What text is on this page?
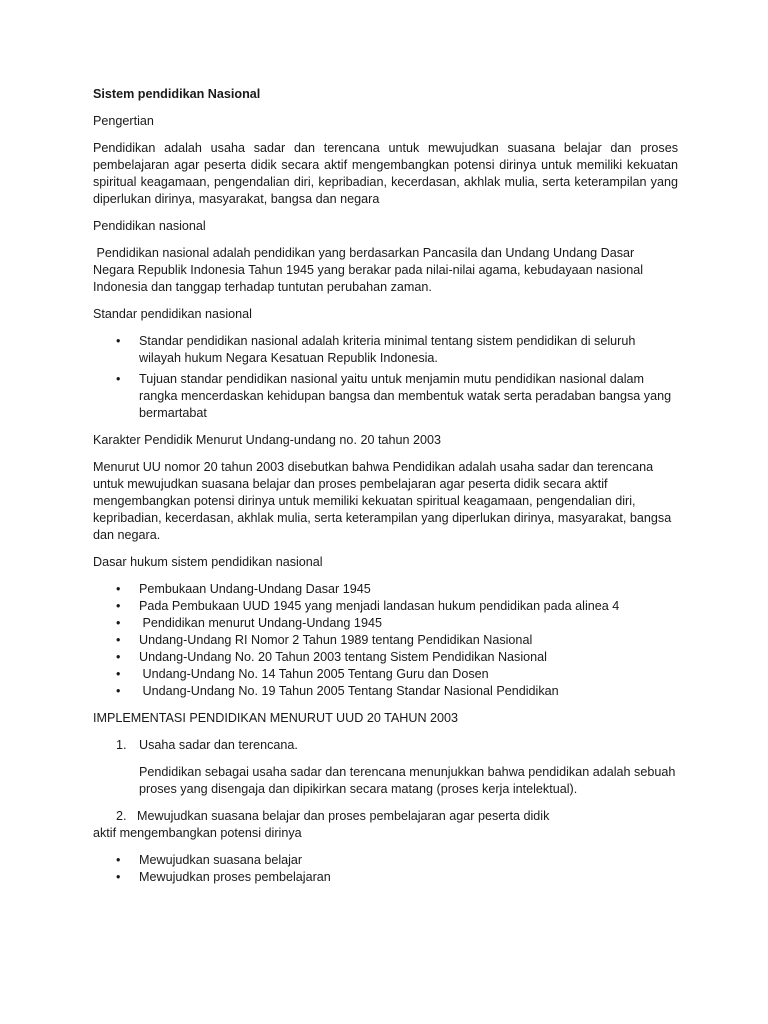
Sistem pendidikan Nasional

Pengertian

Pendidikan adalah usaha sadar dan terencana untuk mewujudkan suasana belajar dan proses pembelajaran agar peserta didik secara aktif mengembangkan potensi dirinya untuk memiliki kekuatan spiritual keagamaan, pengendalian diri, kepribadian, kecerdasan, akhlak mulia, serta keterampilan yang diperlukan dirinya, masyarakat, bangsa dan negara

Pendidikan nasional

Pendidikan nasional adalah pendidikan yang berdasarkan Pancasila dan Undang Undang Dasar Negara Republik Indonesia Tahun 1945 yang berakar pada nilai-nilai agama, kebudayaan nasional Indonesia dan tanggap terhadap tuntutan perubahan zaman.

Standar pendidikan nasional

• Standar pendidikan nasional adalah kriteria minimal tentang sistem pendidikan di seluruh wilayah hukum Negara Kesatuan Republik Indonesia.
• Tujuan standar pendidikan nasional yaitu untuk menjamin mutu pendidikan nasional dalam rangka mencerdaskan kehidupan bangsa dan membentuk watak serta peradaban bangsa yang bermartabat

Karakter Pendidik Menurut Undang-undang no. 20 tahun 2003

Menurut UU nomor 20 tahun 2003 disebutkan bahwa Pendidikan adalah usaha sadar dan terencana untuk mewujudkan suasana belajar dan proses pembelajaran agar peserta didik secara aktif mengembangkan potensi dirinya untuk memiliki kekuatan spiritual keagamaan, pengendalian diri, kepribadian, kecerdasan, akhlak mulia, serta keterampilan yang diperlukan dirinya, masyarakat, bangsa dan negara.

Dasar hukum sistem pendidikan nasional

• Pembukaan Undang-Undang Dasar 1945
• Pada Pembukaan UUD 1945 yang menjadi landasan hukum pendidikan pada alinea 4
• Pendidikan menurut Undang-Undang 1945
• Undang-Undang RI Nomor 2 Tahun 1989 tentang Pendidikan Nasional
• Undang-Undang No. 20 Tahun 2003 tentang Sistem Pendidikan Nasional
• Undang-Undang No. 14 Tahun 2005 Tentang Guru dan Dosen
• Undang-Undang No. 19 Tahun 2005 Tentang Standar Nasional Pendidikan

IMPLEMENTASI PENDIDIKAN MENURUT UUD 20 TAHUN 2003

1. Usaha sadar dan terencana.

Pendidikan sebagai usaha sadar dan terencana menunjukkan bahwa pendidikan adalah sebuah proses yang disengaja dan dipikirkan secara matang (proses kerja intelektual).

2. Mewujudkan suasana belajar dan proses pembelajaran agar peserta didik
aktif mengembangkan potensi dirinya
• Mewujudkan suasana belajar
• Mewujudkan proses pembelajaran
